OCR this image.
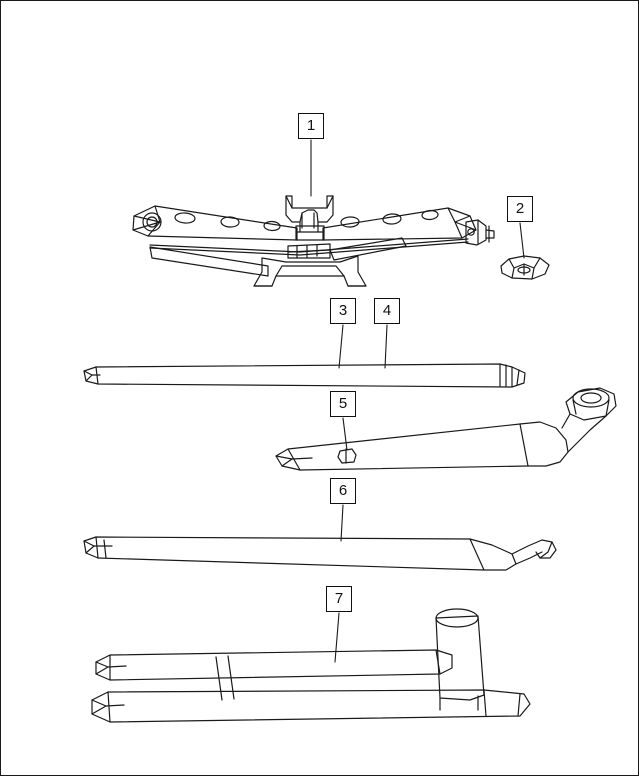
1
2
3	4
5
6
7
